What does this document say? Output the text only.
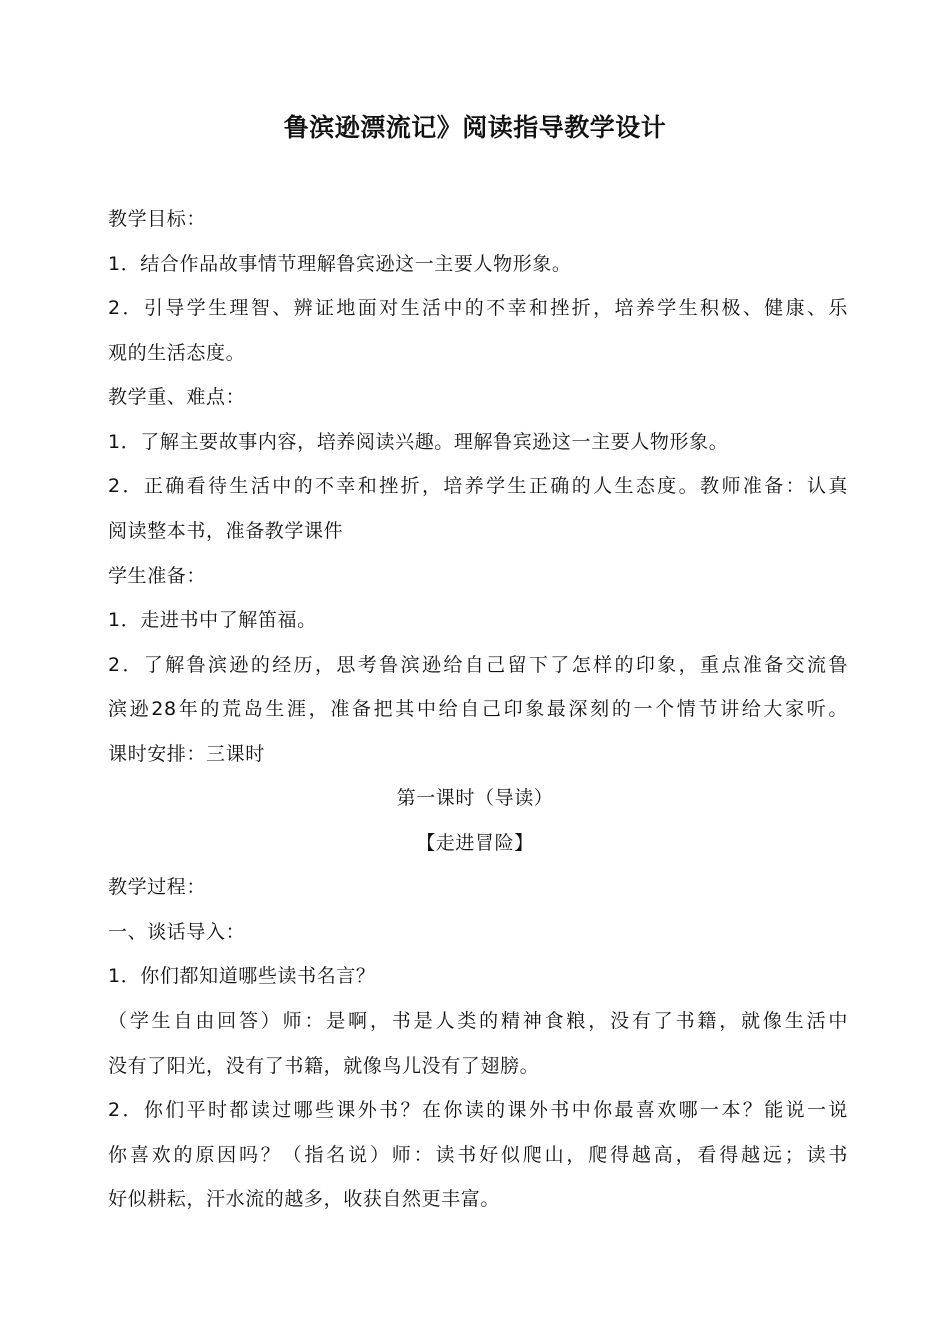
鲁滨逊漂流记》阅读指导教学设计
教学目标：
1．结合作品故事情节理解鲁宾逊这一主要人物形象。
2．引导学生理智、辨证地面对生活中的不幸和挫折，培养学生积极、健康、乐
观的生活态度。
教学重、难点：
1．了解主要故事内容，培养阅读兴趣。理解鲁宾逊这一主要人物形象。
2．正确看待生活中的不幸和挫折，培养学生正确的人生态度。教师准备：认真
阅读整本书，准备教学课件
学生准备：
1．走进书中了解笛福。
2．了解鲁滨逊的经历，思考鲁滨逊给自己留下了怎样的印象，重点准备交流鲁
滨逊28年的荒岛生涯，准备把其中给自己印象最深刻的一个情节讲给大家听。
课时安排：三课时
第一课时（导读）
【走进冒险】
教学过程：
一、谈话导入：
1．你们都知道哪些读书名言？
（学生自由回答）师：是啊，书是人类的精神食粮，没有了书籍，就像生活中
没有了阳光，没有了书籍，就像鸟儿没有了翅膀。
2．你们平时都读过哪些课外书？在你读的课外书中你最喜欢哪一本？能说一说
你喜欢的原因吗？（指名说）师：读书好似爬山，爬得越高，看得越远；读书
好似耕耘，汗水流的越多，收获自然更丰富。
